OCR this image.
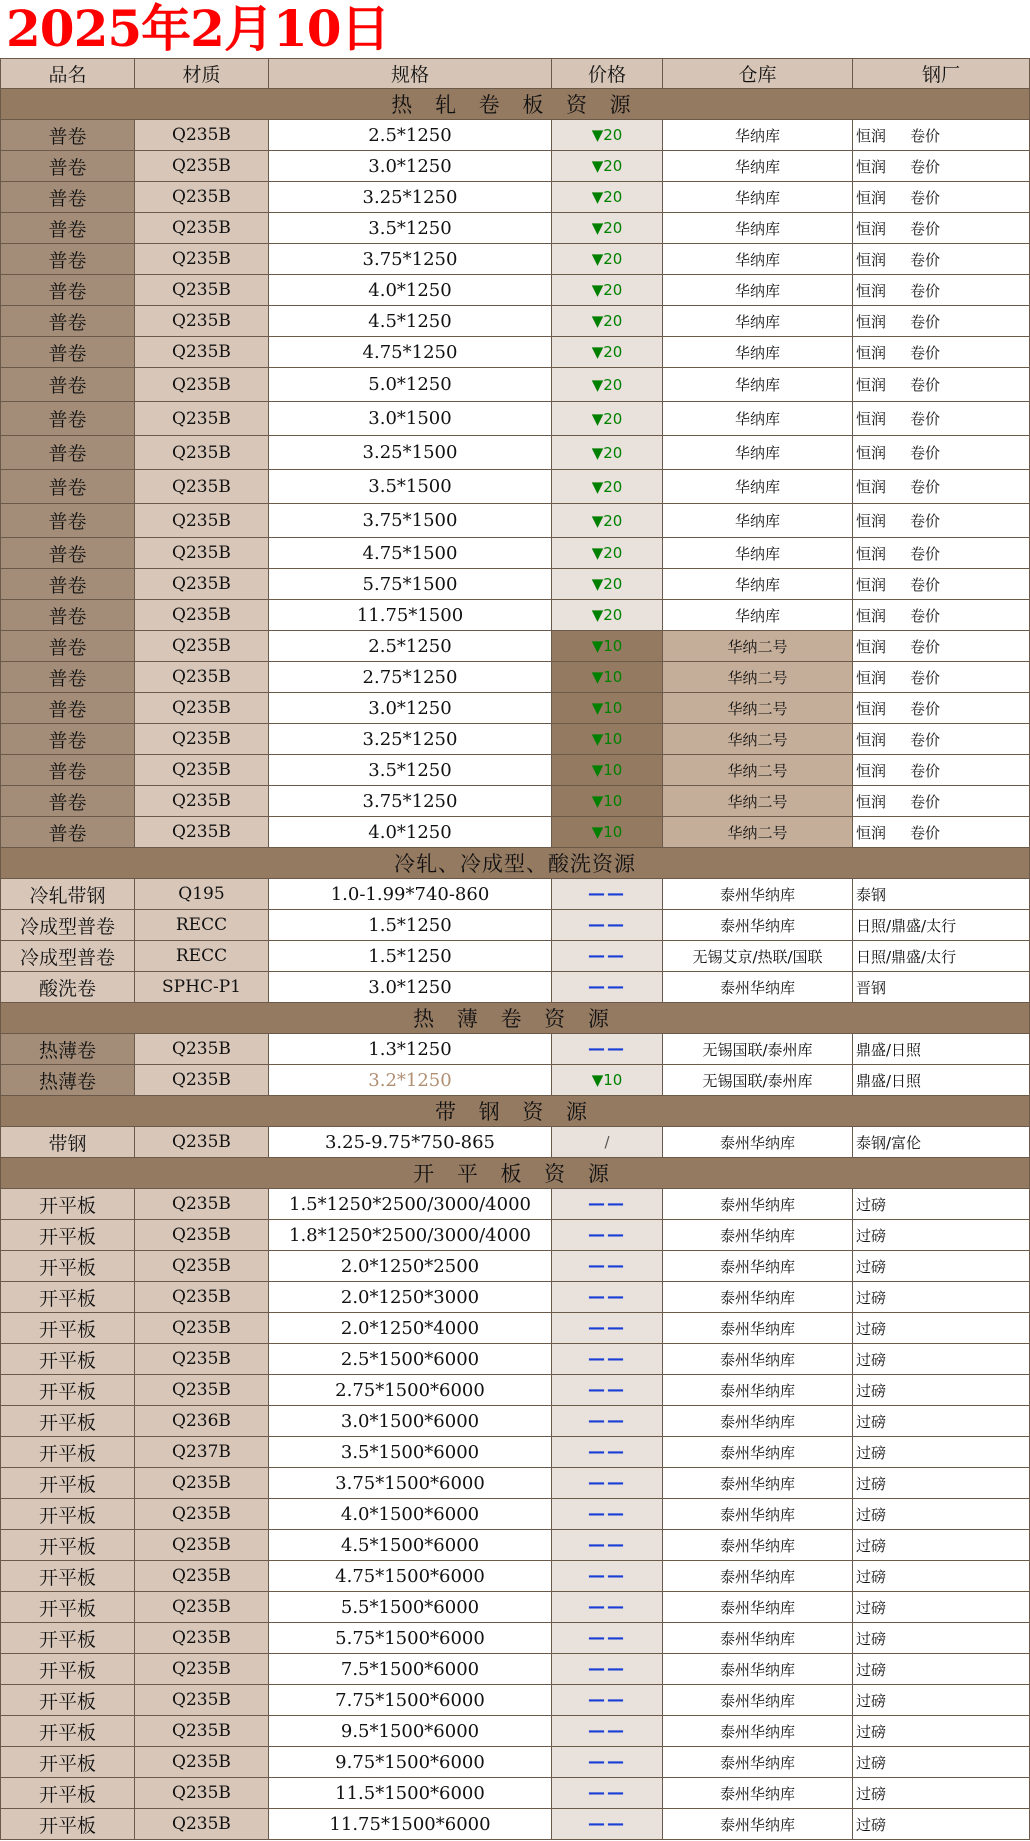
2025年2月10日
品名	材质	规格	价格	仓库	钢厂
热 轧 卷 板 资 源					
普卷	Q235B	2.5*1250	▼20	华纳库	恒润 卷价
普卷	Q235B	3.0*1250	▼20	华纳库	恒润 卷价
普卷	Q235B	3.25*1250	▼20	华纳库	恒润 卷价
普卷	Q235B	3.5*1250	▼20	华纳库	恒润 卷价
普卷	Q235B	3.75*1250	▼20	华纳库	恒润 卷价
普卷	Q235B	4.0*1250	▼20	华纳库	恒润 卷价
普卷	Q235B	4.5*1250	▼20	华纳库	恒润 卷价
普卷	Q235B	4.75*1250	▼20	华纳库	恒润 卷价
普卷	Q235B	5.0*1250	▼20	华纳库	恒润 卷价
普卷	Q235B	3.0*1500	▼20	华纳库	恒润 卷价
普卷	Q235B	3.25*1500	▼20	华纳库	恒润 卷价
普卷	Q235B	3.5*1500	▼20	华纳库	恒润 卷价
普卷	Q235B	3.75*1500	▼20	华纳库	恒润 卷价
普卷	Q235B	4.75*1500	▼20	华纳库	恒润 卷价
普卷	Q235B	5.75*1500	▼20	华纳库	恒润 卷价
普卷	Q235B	11.75*1500	▼20	华纳库	恒润 卷价
普卷	Q235B	2.5*1250	▼10	华纳二号	恒润 卷价
普卷	Q235B	2.75*1250	▼10	华纳二号	恒润 卷价
普卷	Q235B	3.0*1250	▼10	华纳二号	恒润 卷价
普卷	Q235B	3.25*1250	▼10	华纳二号	恒润 卷价
普卷	Q235B	3.5*1250	▼10	华纳二号	恒润 卷价
普卷	Q235B	3.75*1250	▼10	华纳二号	恒润 卷价
普卷	Q235B	4.0*1250	▼10	华纳二号	恒润 卷价
冷轧、冷成型、酸洗资源					
冷轧带钢	Q195	1.0-1.99*740-860	——	泰州华纳库	泰钢
冷成型普卷	RECC	1.5*1250	——	泰州华纳库	日照/鼎盛/太行
冷成型普卷	RECC	1.5*1250	——	无锡艾京/热联/国联	日照/鼎盛/太行
酸洗卷	SPHC-P1	3.0*1250	——	泰州华纳库	晋钢
热 薄 卷 资 源					
热薄卷	Q235B	1.3*1250	——	无锡国联/泰州库	鼎盛/日照
热薄卷	Q235B	3.2*1250	▼10	无锡国联/泰州库	鼎盛/日照
带 钢 资 源					
带钢	Q235B	3.25-9.75*750-865	/	泰州华纳库	泰钢/富伦
开 平 板 资 源					
开平板	Q235B	1.5*1250*2500/3000/4000	——	泰州华纳库	过磅
开平板	Q235B	1.8*1250*2500/3000/4000	——	泰州华纳库	过磅
开平板	Q235B	2.0*1250*2500	——	泰州华纳库	过磅
开平板	Q235B	2.0*1250*3000	——	泰州华纳库	过磅
开平板	Q235B	2.0*1250*4000	——	泰州华纳库	过磅
开平板	Q235B	2.5*1500*6000	——	泰州华纳库	过磅
开平板	Q235B	2.75*1500*6000	——	泰州华纳库	过磅
开平板	Q236B	3.0*1500*6000	——	泰州华纳库	过磅
开平板	Q237B	3.5*1500*6000	——	泰州华纳库	过磅
开平板	Q235B	3.75*1500*6000	——	泰州华纳库	过磅
开平板	Q235B	4.0*1500*6000	——	泰州华纳库	过磅
开平板	Q235B	4.5*1500*6000	——	泰州华纳库	过磅
开平板	Q235B	4.75*1500*6000	——	泰州华纳库	过磅
开平板	Q235B	5.5*1500*6000	——	泰州华纳库	过磅
开平板	Q235B	5.75*1500*6000	——	泰州华纳库	过磅
开平板	Q235B	7.5*1500*6000	——	泰州华纳库	过磅
开平板	Q235B	7.75*1500*6000	——	泰州华纳库	过磅
开平板	Q235B	9.5*1500*6000	——	泰州华纳库	过磅
开平板	Q235B	9.75*1500*6000	——	泰州华纳库	过磅
开平板	Q235B	11.5*1500*6000	——	泰州华纳库	过磅
开平板	Q235B	11.75*1500*6000	——	泰州华纳库	过磅
